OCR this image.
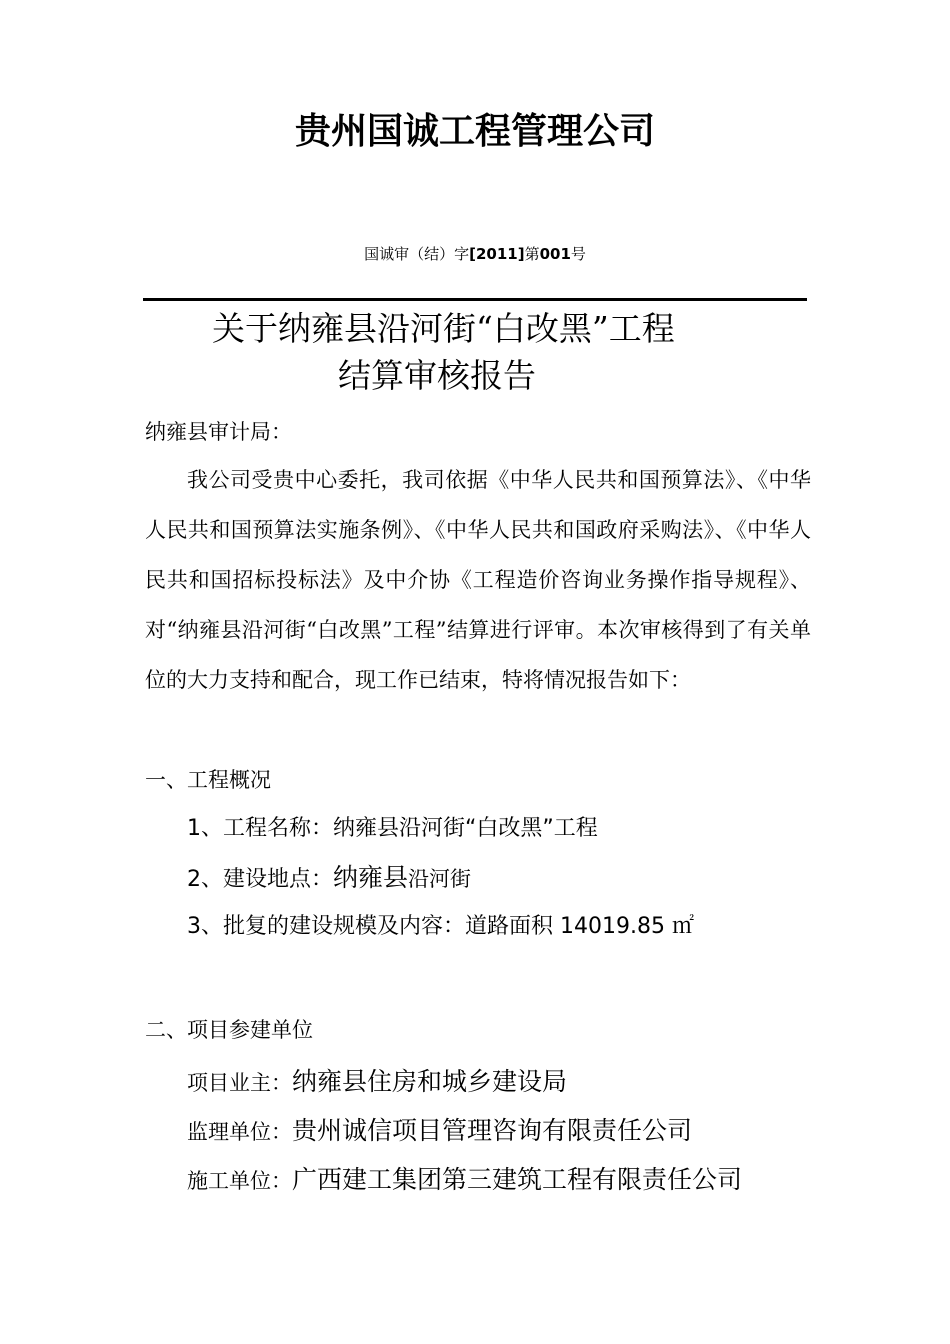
贵州国诚工程管理公司
国诚审（结）字[2011]第001号
关于纳雍县沿河街“白改黑”工程
结算审核报告
纳雍县审计局：
我公司受贵中心委托，我司依据《中华人民共和国预算法》、《中华人民共和国预算法实施条例》、《中华人民共和国政府采购法》、《中华人民共和国招标投标法》及中介协《工程造价咨询业务操作指导规程》、对“纳雍县沿河街“白改黑”工程”结算进行评审。本次审核得到了有关单位的大力支持和配合，现工作已结束，特将情况报告如下：
一、工程概况
1、工程名称：纳雍县沿河街“白改黑”工程
2、建设地点：纳雍县沿河街
3、批复的建设规模及内容：道路面积 14019.85 ㎡
二、项目参建单位
项目业主：纳雍县住房和城乡建设局
监理单位：贵州诚信项目管理咨询有限责任公司
施工单位：广西建工集团第三建筑工程有限责任公司
